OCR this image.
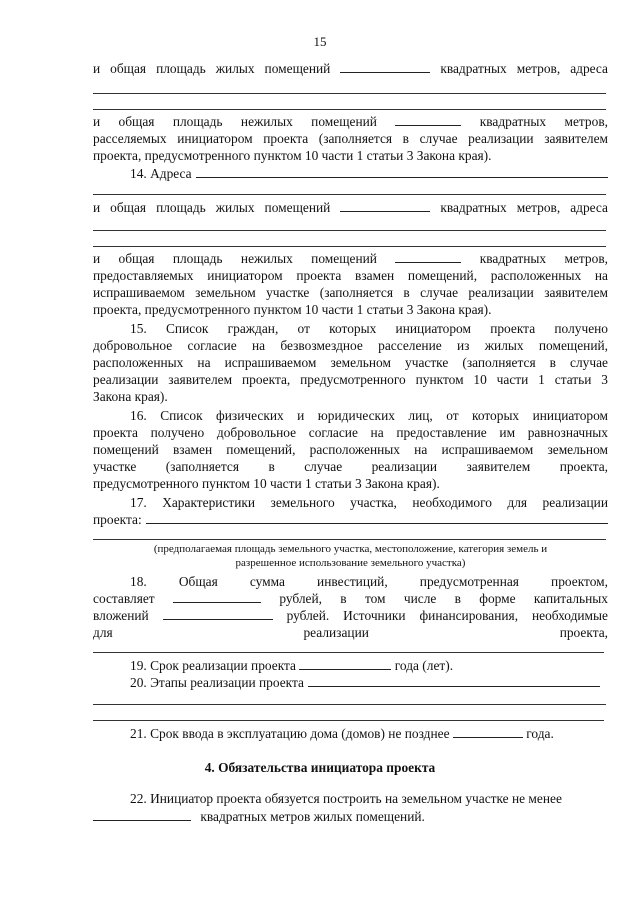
15
и общая площадь жилых помещений	квадратных метров, адреса
и общая площадь нежилых помещений	квадратных метров,
расселяемых инициатором проекта (заполняется в случае реализации заявителем
проекта, предусмотренного пунктом 10 части 1 статьи 3 Закона края).
14. Адреса
и общая площадь жилых помещений	квадратных метров, адреса
и общая площадь нежилых помещений	квадратных метров,
предоставляемых инициатором проекта взамен помещений, расположенных на
испрашиваемом земельном участке (заполняется в случае реализации заявителем
проекта, предусмотренного пунктом 10 части 1 статьи 3 Закона края).
15. Список граждан, от которых инициатором проекта получено
добровольное согласие на безвозмездное расселение из жилых помещений,
расположенных на испрашиваемом земельном участке (заполняется в случае
реализации заявителем проекта, предусмотренного пунктом 10 части 1 статьи 3
Закона края).
16. Список физических и юридических лиц, от которых инициатором
проекта получено добровольное согласие на предоставление им равнозначных
помещений взамен помещений, расположенных на испрашиваемом земельном
участке (заполняется в случае реализации заявителем проекта,
предусмотренного пунктом 10 части 1 статьи 3 Закона края).
17. Характеристики земельного участка, необходимого для реализации
проекта:
(предполагаемая площадь земельного участка, местоположение, категория земель и
разрешенное использование земельного участка)
18. Общая сумма инвестиций, предусмотренная проектом,
составляет	рублей, в том числе в форме капитальных
вложений	рублей. Источники финансирования, необходимые
для реализации проекта,
19. Срок реализации проекта	года (лет).
20. Этапы реализации проекта
21. Срок ввода в эксплуатацию дома (домов) не позднее	года.
4. Обязательства инициатора проекта
22. Инициатор проекта обязуется построить на земельном участке не менее
квадратных метров жилых помещений.
